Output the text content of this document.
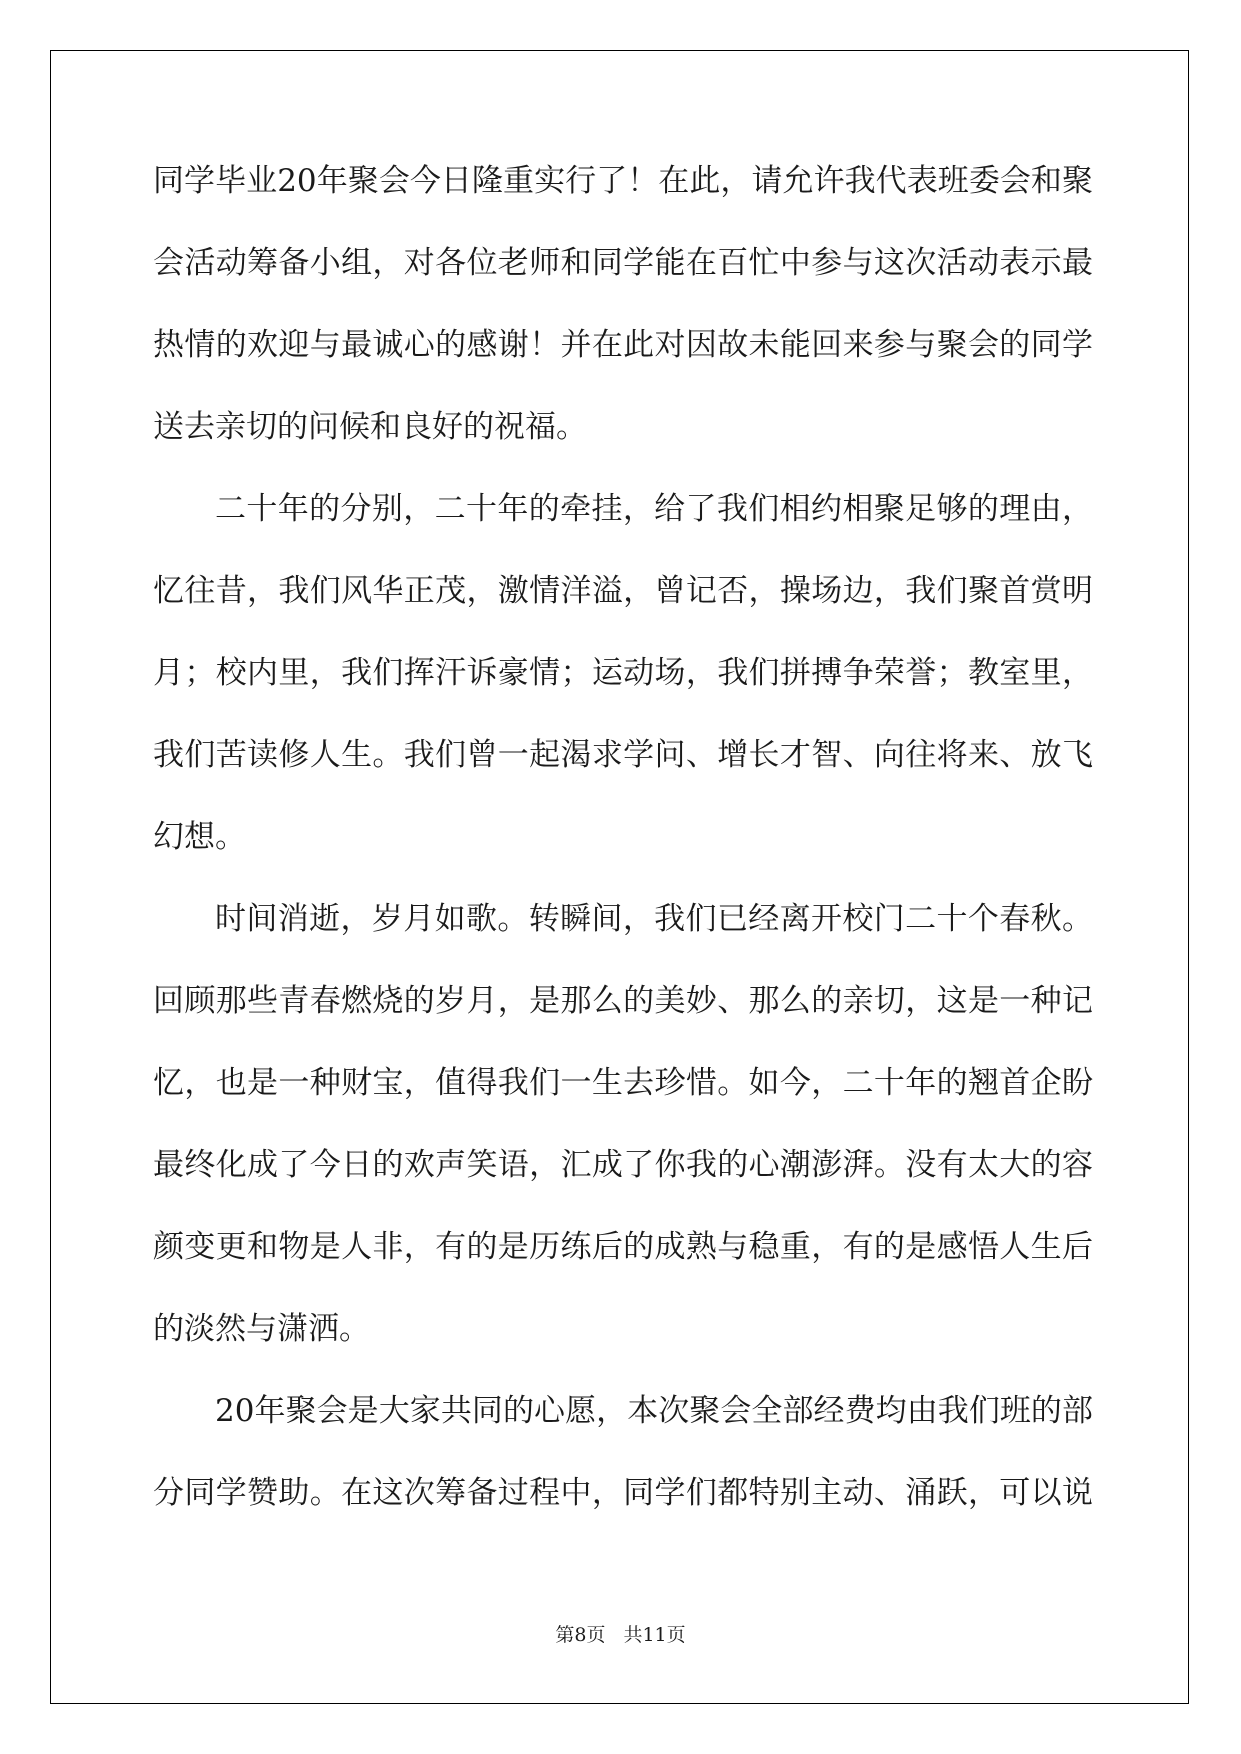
同学毕业20年聚会今日隆重实行了！在此，请允许我代表班委会和聚
会活动筹备小组，对各位老师和同学能在百忙中参与这次活动表示最
热情的欢迎与最诚心的感谢！并在此对因故未能回来参与聚会的同学
送去亲切的问候和良好的祝福。
二十年的分别，二十年的牵挂，给了我们相约相聚足够的理由，
忆往昔，我们风华正茂，激情洋溢，曾记否，操场边，我们聚首赏明
月；校内里，我们挥汗诉豪情；运动场，我们拼搏争荣誉；教室里，
我们苦读修人生。我们曾一起渴求学问、增长才智、向往将来、放飞
幻想。
时间消逝，岁月如歌。转瞬间，我们已经离开校门二十个春秋。
回顾那些青春燃烧的岁月，是那么的美妙、那么的亲切，这是一种记
忆，也是一种财宝，值得我们一生去珍惜。如今，二十年的翘首企盼
最终化成了今日的欢声笑语，汇成了你我的心潮澎湃。没有太大的容
颜变更和物是人非，有的是历练后的成熟与稳重，有的是感悟人生后
的淡然与潇洒。
20年聚会是大家共同的心愿，本次聚会全部经费均由我们班的部
分同学赞助。在这次筹备过程中，同学们都特别主动、涌跃，可以说
第8页 共11页
